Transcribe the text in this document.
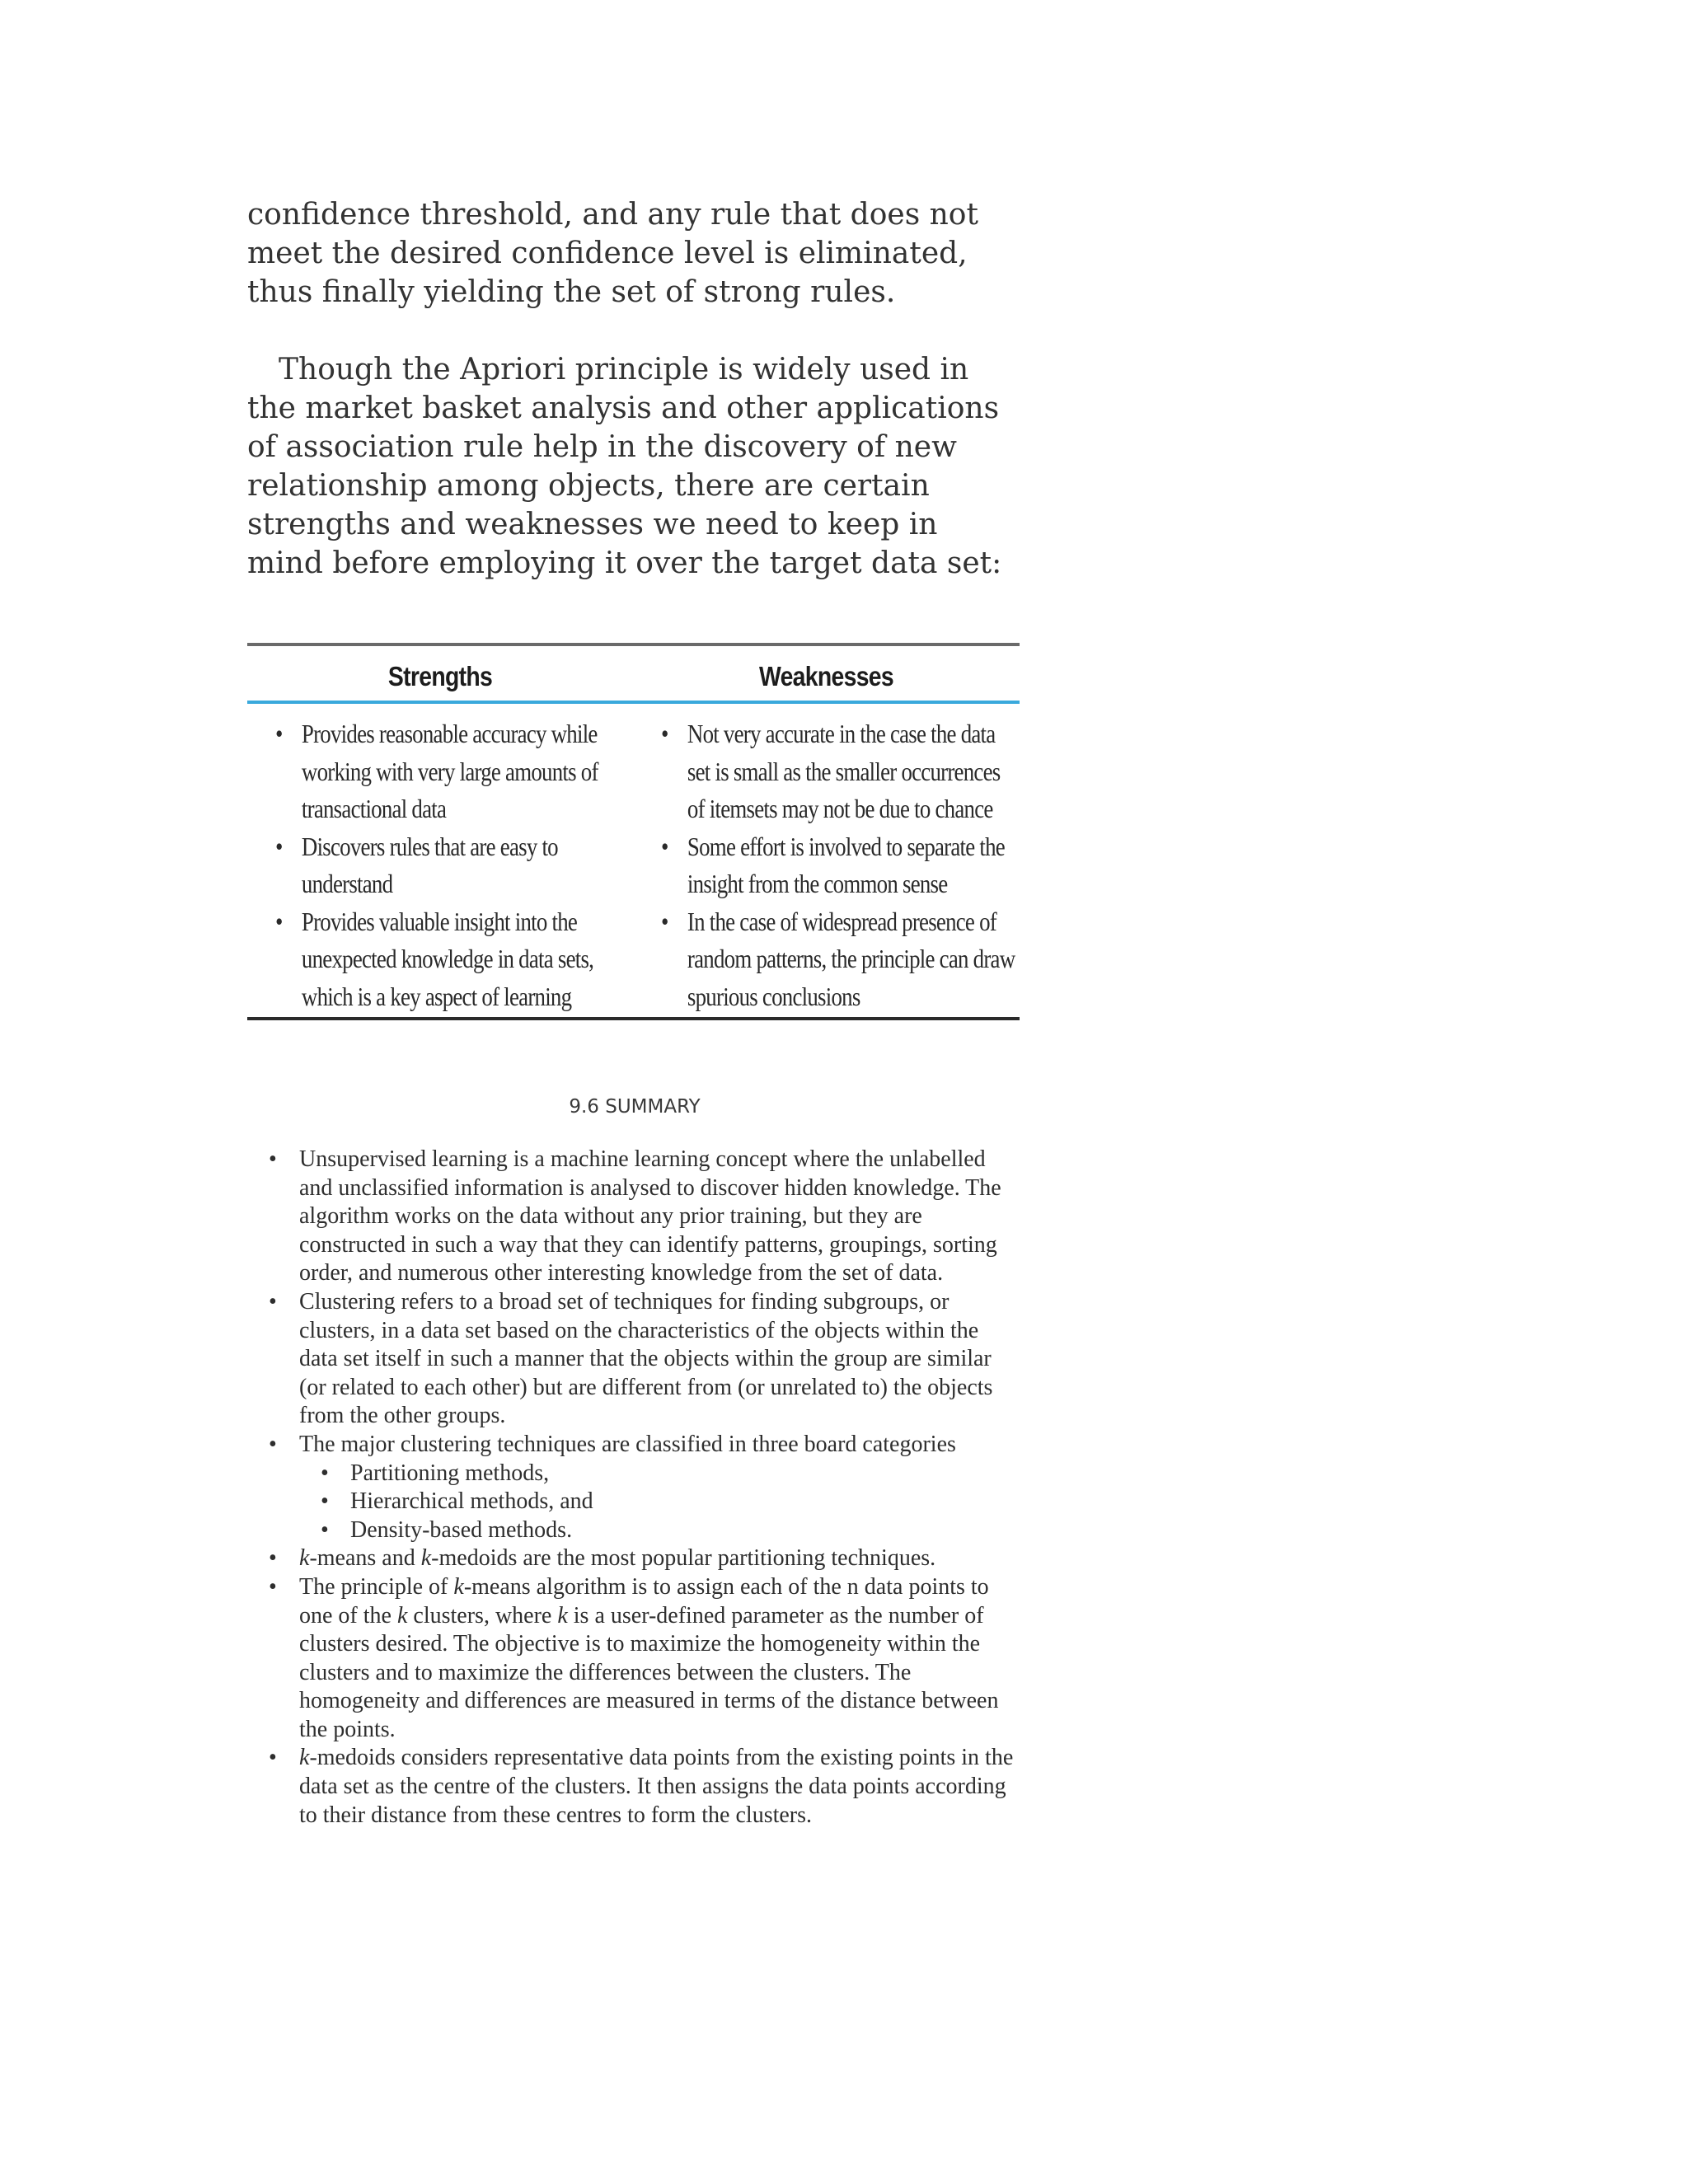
confidence threshold, and any rule that does not meet the desired confidence level is eliminated, thus finally yielding the set of strong rules.

Though the Apriori principle is widely used in the market basket analysis and other applications of association rule help in the discovery of new relationship among objects, there are certain strengths and weaknesses we need to keep in mind before employing it over the target data set:

Strengths	Weaknesses
• Provides reasonable accuracy while working with very large amounts of transactional data
• Discovers rules that are easy to understand
• Provides valuable insight into the unexpected knowledge in data sets, which is a key aspect of learning
• Not very accurate in the case the data set is small as the smaller occurrences of itemsets may not be due to chance
• Some effort is involved to separate the insight from the common sense
• In the case of widespread presence of random patterns, the principle can draw spurious conclusions
9.6 SUMMARY
• Unsupervised learning is a machine learning concept where the unlabelled and unclassified information is analysed to discover hidden knowledge. The algorithm works on the data without any prior training, but they are constructed in such a way that they can identify patterns, groupings, sorting order, and numerous other interesting knowledge from the set of data.
• Clustering refers to a broad set of techniques for finding subgroups, or clusters, in a data set based on the characteristics of the objects within the data set itself in such a manner that the objects within the group are similar (or related to each other) but are different from (or unrelated to) the objects from the other groups.
• The major clustering techniques are classified in three board categories
• Partitioning methods,
• Hierarchical methods, and
• Density-based methods.
• k-means and k-medoids are the most popular partitioning techniques.
• The principle of k-means algorithm is to assign each of the n data points to one of the k clusters, where k is a user-defined parameter as the number of clusters desired. The objective is to maximize the homogeneity within the clusters and to maximize the differences between the clusters. The homogeneity and differences are measured in terms of the distance between the points.
• k-medoids considers representative data points from the existing points in the data set as the centre of the clusters. It then assigns the data points according to their distance from these centres to form the clusters.
